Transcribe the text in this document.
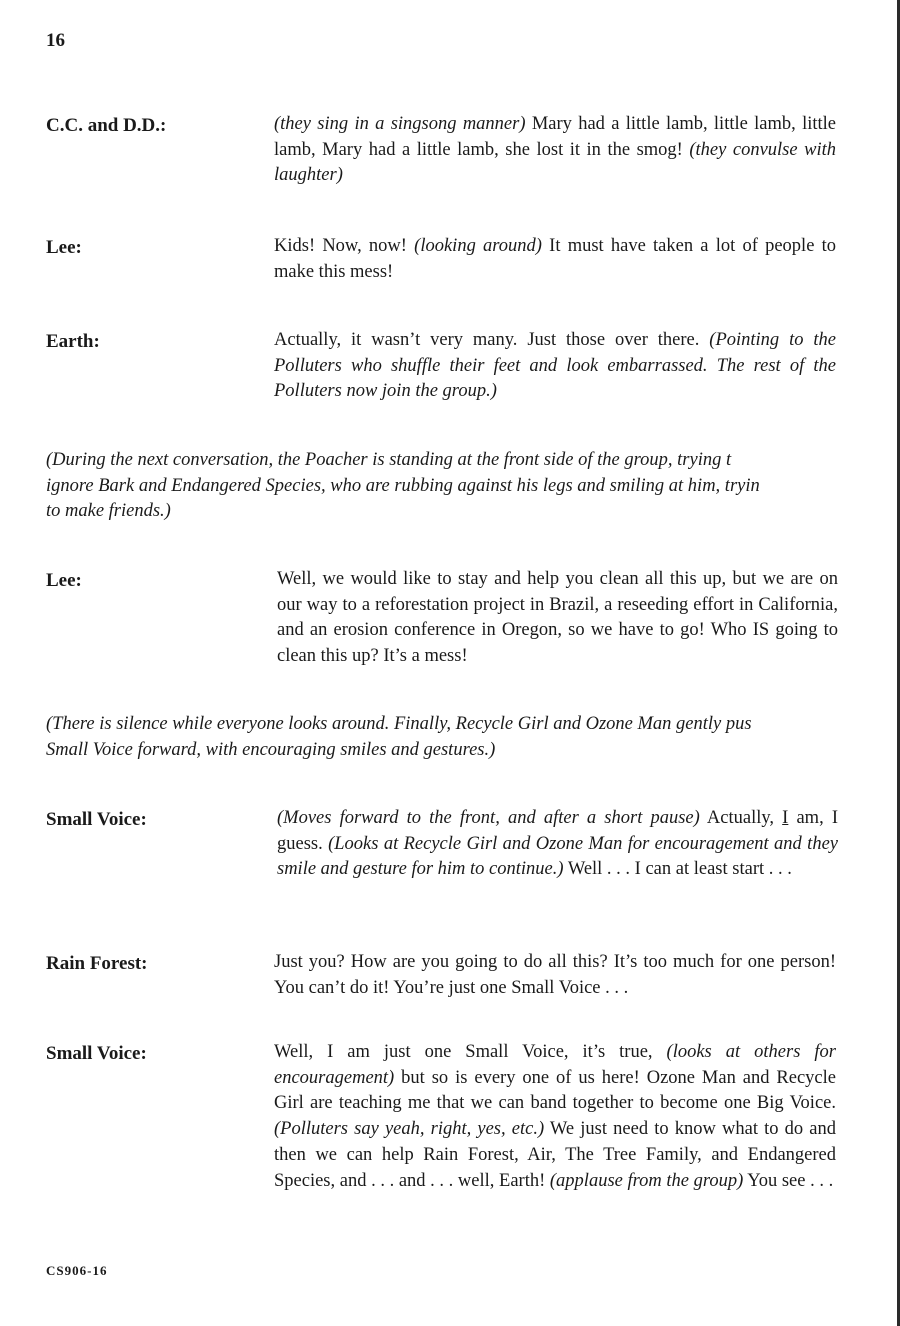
16
C.C. and D.D.:	(they sing in a singsong manner) Mary had a little lamb, little lamb, little lamb, Mary had a little lamb, she lost it in the smog! (they convulse with laughter)
Lee:	Kids! Now, now! (looking around) It must have taken a lot of people to make this mess!
Earth:	Actually, it wasn’t very many. Just those over there. (Pointing to the Polluters who shuffle their feet and look embarrassed. The rest of the Polluters now join the group.)
(During the next conversation, the Poacher is standing at the front side of the group, trying t
ignore Bark and Endangered Species, who are rubbing against his legs and smiling at him, tryin
to make friends.)
Lee:	Well, we would like to stay and help you clean all this up, but we are on our way to a reforestation project in Brazil, a reseeding effort in California, and an erosion conference in Oregon, so we have to go! Who IS going to clean this up? It’s a mess!
(There is silence while everyone looks around. Finally, Recycle Girl and Ozone Man gently pus
Small Voice forward, with encouraging smiles and gestures.)
Small Voice:	(Moves forward to the front, and after a short pause) Actually, I am, I guess. (Looks at Recycle Girl and Ozone Man for encouragement and they smile and gesture for him to continue.) Well . . . I can at least start . . .
Rain Forest:	Just you? How are you going to do all this? It’s too much for one person! You can’t do it! You’re just one Small Voice . . .
Small Voice:	Well, I am just one Small Voice, it’s true, (looks at others for encouragement) but so is every one of us here! Ozone Man and Recycle Girl are teaching me that we can band together to become one Big Voice. (Polluters say yeah, right, yes, etc.) We just need to know what to do and then we can help Rain Forest, Air, The Tree Family, and Endangered Species, and . . . and . . . well, Earth! (applause from the group) You see . . .
CS906-16
